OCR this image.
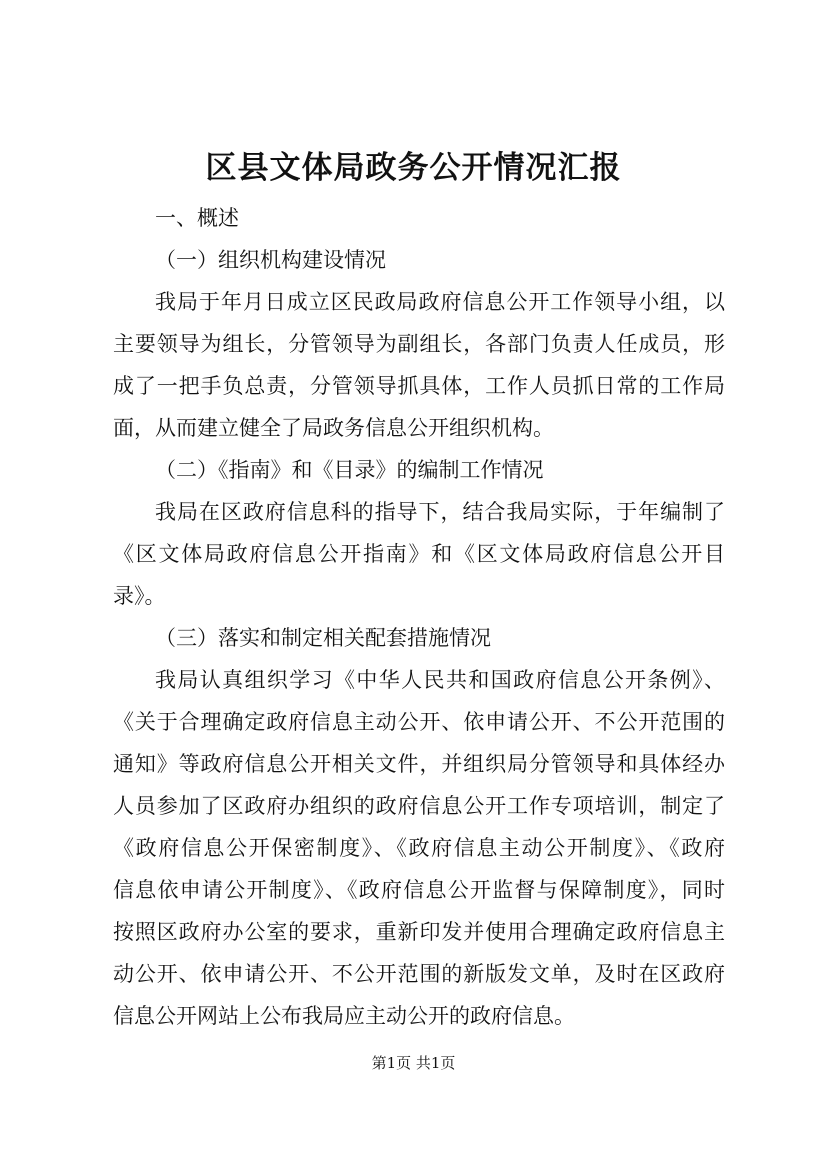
区县文体局政务公开情况汇报

一、概述

（一）组织机构建设情况

我局于年月日成立区民政局政府信息公开工作领导小组，以

主要领导为组长，分管领导为副组长，各部门负责人任成员，形

成了一把手负总责，分管领导抓具体，工作人员抓日常的工作局

面，从而建立健全了局政务信息公开组织机构。

（二）《指南》和《目录》的编制工作情况

我局在区政府信息科的指导下，结合我局实际，于年编制了

《区文体局政府信息公开指南》和《区文体局政府信息公开目

录》。

（三）落实和制定相关配套措施情况

我局认真组织学习《中华人民共和国政府信息公开条例》、

《关于合理确定政府信息主动公开、依申请公开、不公开范围的

通知》等政府信息公开相关文件，并组织局分管领导和具体经办

人员参加了区政府办组织的政府信息公开工作专项培训，制定了

《政府信息公开保密制度》、《政府信息主动公开制度》、《政府

信息依申请公开制度》、《政府信息公开监督与保障制度》，同时

按照区政府办公室的要求，重新印发并使用合理确定政府信息主

动公开、依申请公开、不公开范围的新版发文单，及时在区政府

信息公开网站上公布我局应主动公开的政府信息。

第1页 共1页
